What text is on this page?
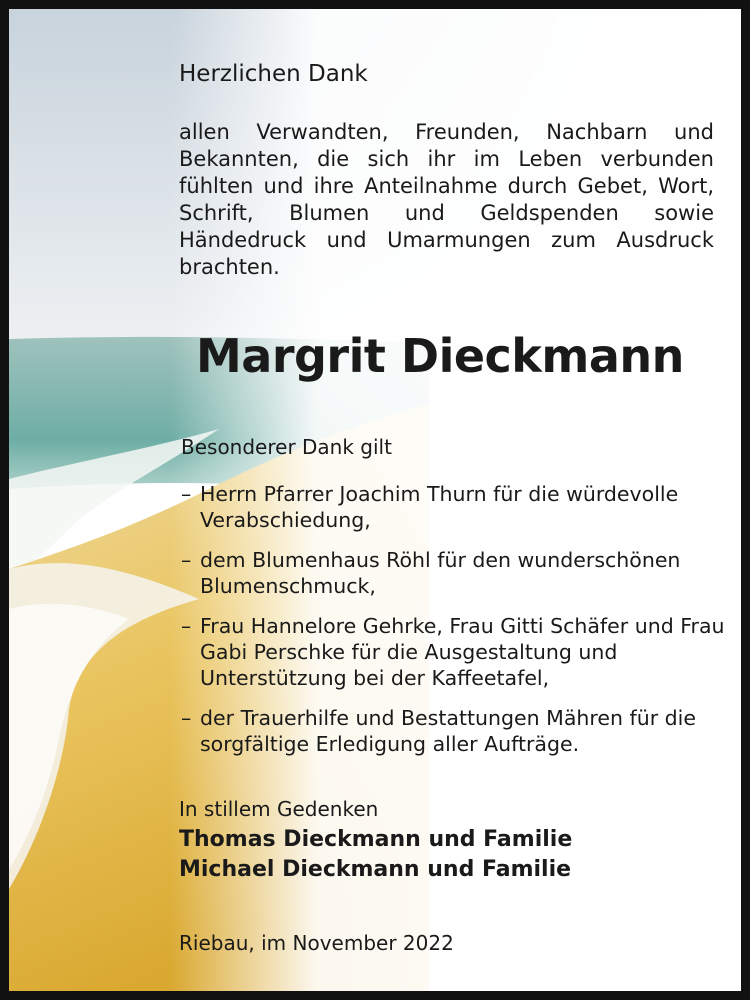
Herzlichen Dank

allen Verwandten, Freunden, Nachbarn und Bekannten, die sich ihr im Leben verbunden fühlten und ihre Anteilnahme durch Gebet, Wort, Schrift, Blumen und Geldspenden sowie Händedruck und Umarmungen zum Ausdruck brachten.

Margrit Dieckmann
Besonderer Dank gilt
– Herrn Pfarrer Joachim Thurn für die würdevolle Verabschiedung,
– dem Blumenhaus Röhl für den wunderschönen Blumenschmuck,
– Frau Hannelore Gehrke, Frau Gitti Schäfer und Frau Gabi Perschke für die Ausgestaltung und Unterstützung bei der Kaffeetafel,
– der Trauerhilfe und Bestattungen Mähren für die sorgfältige Erledigung aller Aufträge.
In stillem Gedenken
Thomas Dieckmann und Familie
Michael Dieckmann und Familie
Riebau, im November 2022
